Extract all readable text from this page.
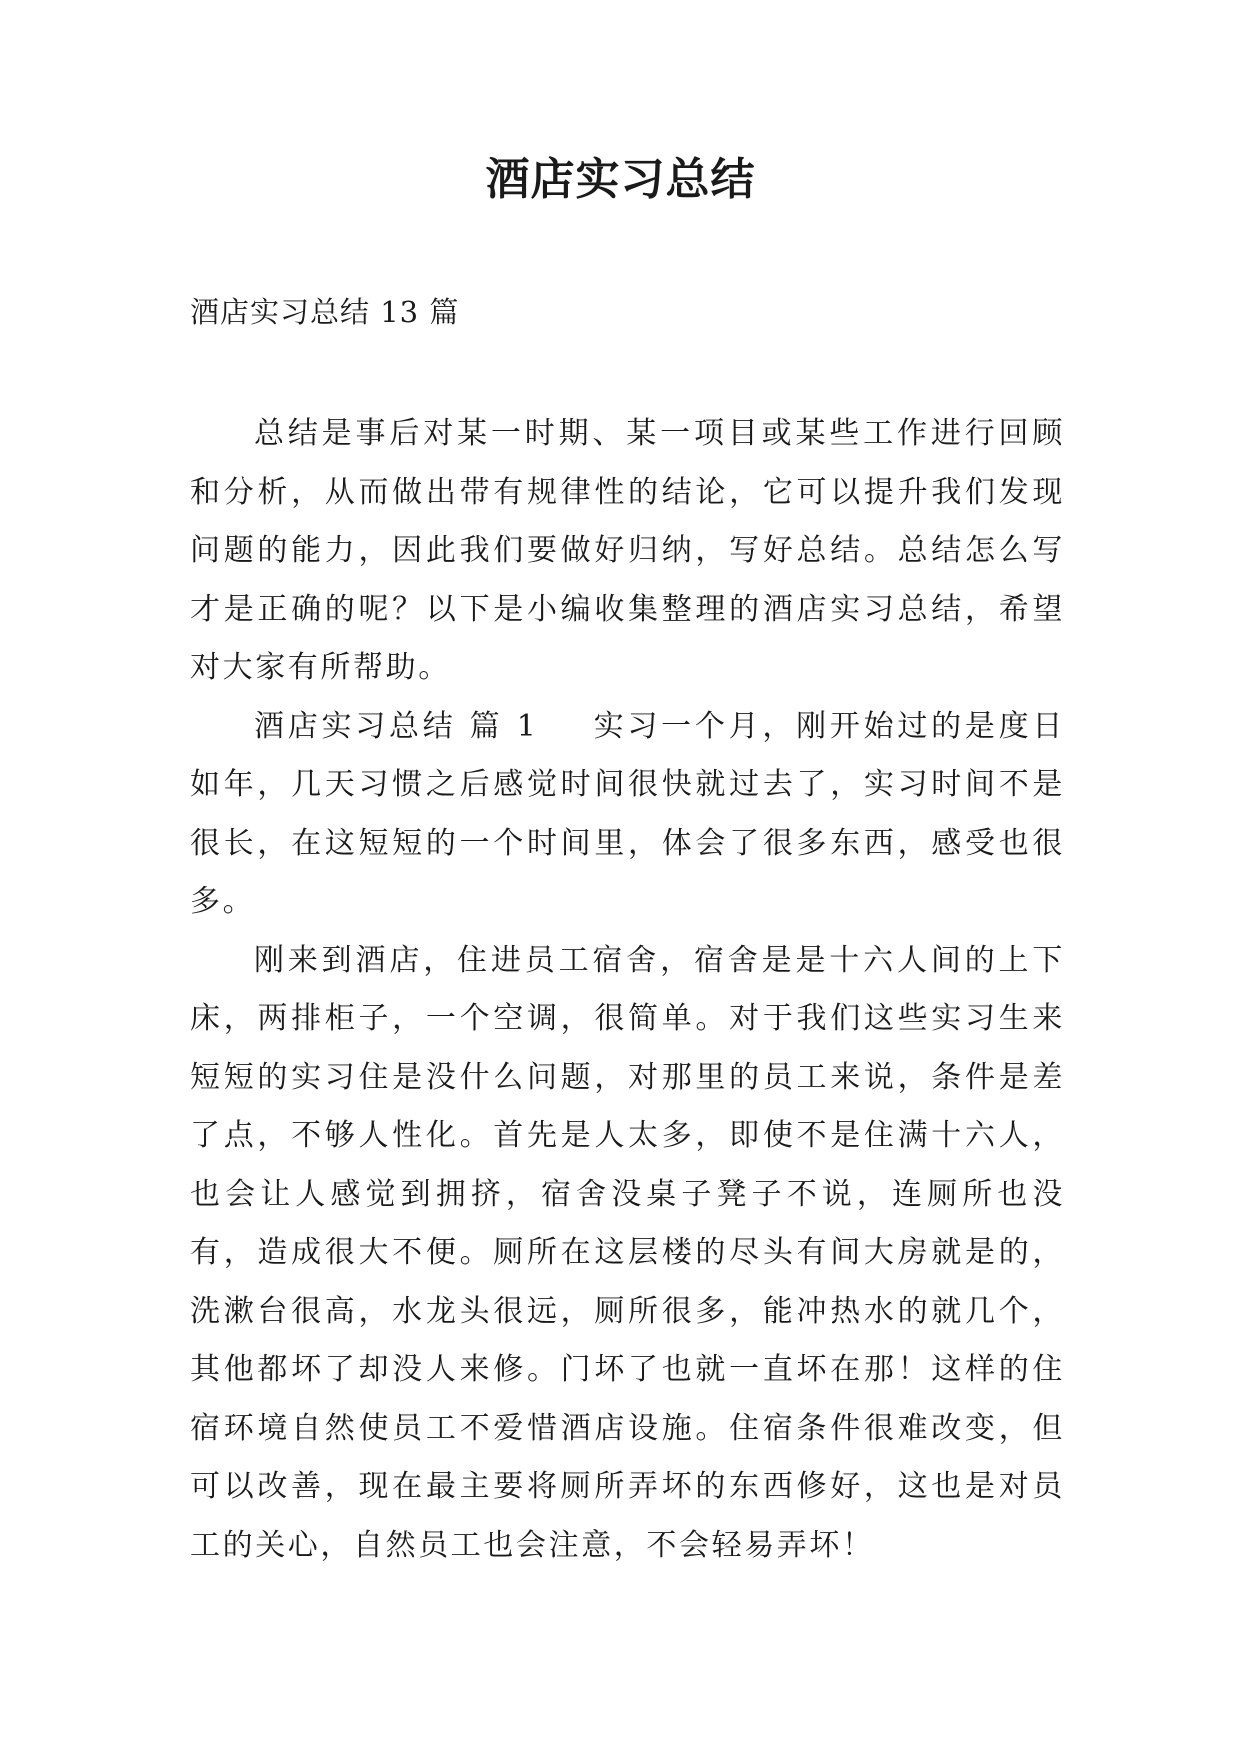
酒店实习总结
酒店实习总结 13 篇

总结是事后对某一时期、某一项目或某些工作进行回顾和分析，从而做出带有规律性的结论，它可以提升我们发现问题的能力，因此我们要做好归纳，写好总结。总结怎么写才是正确的呢？以下是小编收集整理的酒店实习总结，希望对大家有所帮助。

酒店实习总结 篇 1 实习一个月，刚开始过的是度日如年，几天习惯之后感觉时间很快就过去了，实习时间不是很长，在这短短的一个时间里，体会了很多东西，感受也很多。

刚来到酒店，住进员工宿舍，宿舍是是十六人间的上下床，两排柜子，一个空调，很简单。对于我们这些实习生来短短的实习住是没什么问题，对那里的员工来说，条件是差了点，不够人性化。首先是人太多，即使不是住满十六人，也会让人感觉到拥挤，宿舍没桌子凳子不说，连厕所也没有，造成很大不便。厕所在这层楼的尽头有间大房就是的，洗漱台很高，水龙头很远，厕所很多，能冲热水的就几个，其他都坏了却没人来修。门坏了也就一直坏在那！这样的住宿环境自然使员工不爱惜酒店设施。住宿条件很难改变，但可以改善，现在最主要将厕所弄坏的东西修好，这也是对员工的关心，自然员工也会注意，不会轻易弄坏！
